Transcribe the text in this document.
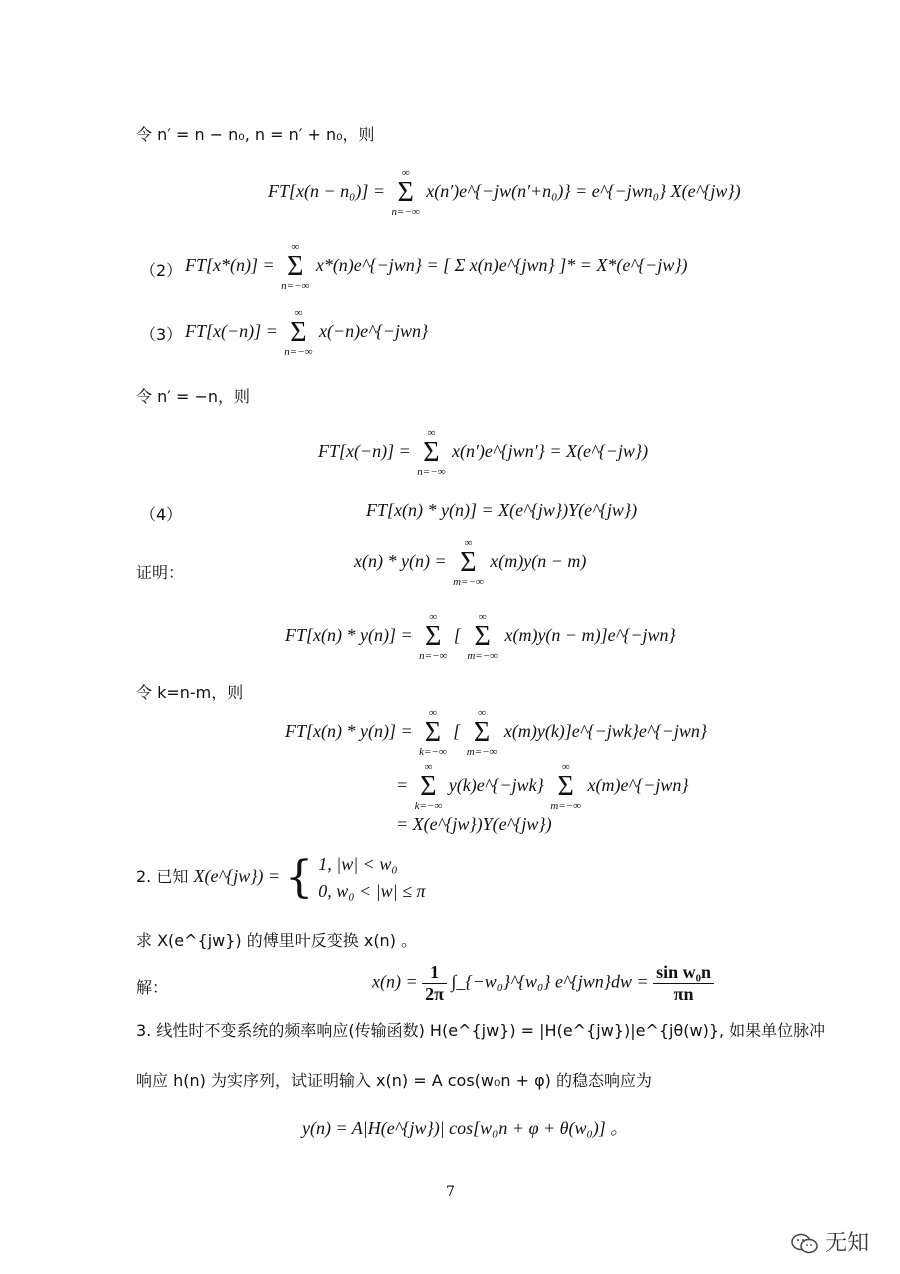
令 n′ = n − n₀, n = n′ + n₀，则
FT[x(n − n₀)] =
∞
Σ
n=−∞
x(n′)e^{−jw(n′+n₀)} = e^{−jwn₀} X(e^{jw})
（2） FT[x*(n)] =
∞
Σ
n=−∞
x*(n)e^{−jwn} = [ Σ x(n)e^{jwn} ]* = X*(e^{−jw})
（3） FT[x(−n)] =
∞
Σ
n=−∞
x(−n)e^{−jwn}
令 n′ = −n，则
FT[x(−n)] =
∞
Σ
n=−∞
x(n′)e^{jwn′} = X(e^{−jw})
（4）	FT[x(n) * y(n)] = X(e^{jw})Y(e^{jw})
证明：
x(n) * y(n) =
∞
Σ
m=−∞
x(m)y(n − m)
FT[x(n) * y(n)] =
∞
Σ
n=−∞
[
∞
Σ
m=−∞
x(m)y(n − m)]e^{−jwn}
令 k=n-m，则
FT[x(n) * y(n)] =
∞
Σ
k=−∞
[
∞
Σ
m=−∞
x(m)y(k)]e^{−jwk}e^{−jwn}
=
∞
Σ
k=−∞
y(k)e^{−jwk}
∞
Σ
m=−∞
x(m)e^{−jwn}
= X(e^{jw})Y(e^{jw})
2. 已知 X(e^{jw}) = { 1, |w| < w₀
0, w₀ < |w| ≤ π
求 X(e^{jw}) 的傅里叶反变换 x(n) 。
解：	$x(n) = \frac{1}{2\pi}$ ∫_{−w₀}^{w₀} e^{jwn}dw = $\frac{\text{sin w₀n}}{\pi n}$
3. 线性时不变系统的频率响应(传输函数) H(e^{jw}) = |H(e^{jw})|e^{jθ(w)}, 如果单位脉冲
响应 h(n) 为实序列，试证明输入 x(n) = A cos(w₀n + φ) 的稳态响应为
y(n) = A|H(e^{jw})| cos[w₀n + φ + θ(w₀)] 。
7
无知
